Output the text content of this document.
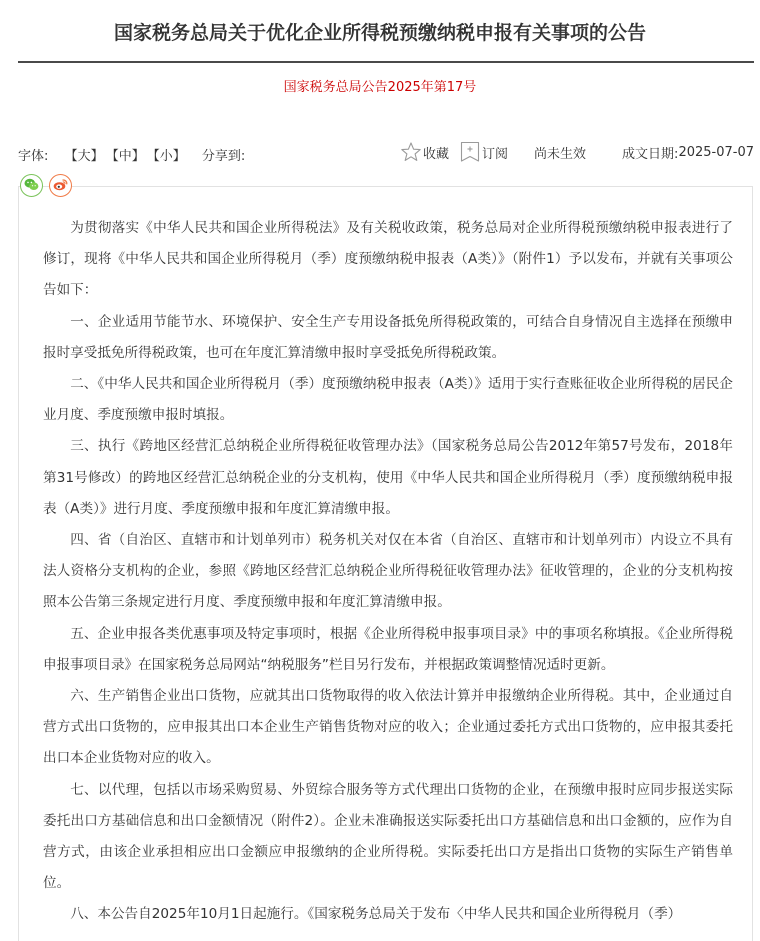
国家税务总局关于优化企业所得税预缴纳税申报有关事项的公告
国家税务总局公告2025年第17号
字体: 【大】 【中】 【小】 分享到:	收藏	订阅 尚未生效	成文日期: 2025-07-07

为贯彻落实《中华人民共和国企业所得税法》及有关税收政策，税务总局对企业所得税预缴纳税申报表进行了修订，现将《中华人民共和国企业所得税月（季）度预缴纳税申报表（A类）》（附件1）予以发布，并就有关事项公告如下：

一、企业适用节能节水、环境保护、安全生产专用设备抵免所得税政策的，可结合自身情况自主选择在预缴申报时享受抵免所得税政策，也可在年度汇算清缴申报时享受抵免所得税政策。

二、《中华人民共和国企业所得税月（季）度预缴纳税申报表（A类）》适用于实行查账征收企业所得税的居民企业月度、季度预缴申报时填报。

三、执行《跨地区经营汇总纳税企业所得税征收管理办法》（国家税务总局公告2012年第57号发布，2018年第31号修改）的跨地区经营汇总纳税企业的分支机构，使用《中华人民共和国企业所得税月（季）度预缴纳税申报表（A类）》进行月度、季度预缴申报和年度汇算清缴申报。

四、省（自治区、直辖市和计划单列市）税务机关对仅在本省（自治区、直辖市和计划单列市）内设立不具有法人资格分支机构的企业，参照《跨地区经营汇总纳税企业所得税征收管理办法》征收管理的，企业的分支机构按照本公告第三条规定进行月度、季度预缴申报和年度汇算清缴申报。

五、企业申报各类优惠事项及特定事项时，根据《企业所得税申报事项目录》中的事项名称填报。《企业所得税申报事项目录》在国家税务总局网站“纳税服务”栏目另行发布，并根据政策调整情况适时更新。

六、生产销售企业出口货物，应就其出口货物取得的收入依法计算并申报缴纳企业所得税。其中，企业通过自营方式出口货物的，应申报其出口本企业生产销售货物对应的收入；企业通过委托方式出口货物的，应申报其委托出口本企业货物对应的收入。

七、以代理，包括以市场采购贸易、外贸综合服务等方式代理出口货物的企业，在预缴申报时应同步报送实际委托出口方基础信息和出口金额情况（附件2）。企业未准确报送实际委托出口方基础信息和出口金额的，应作为自营方式，由该企业承担相应出口金额应申报缴纳的企业所得税。实际委托出口方是指出口货物的实际生产销售单位。

八、本公告自2025年10月1日起施行。《国家税务总局关于发布〈中华人民共和国企业所得税月（季）
